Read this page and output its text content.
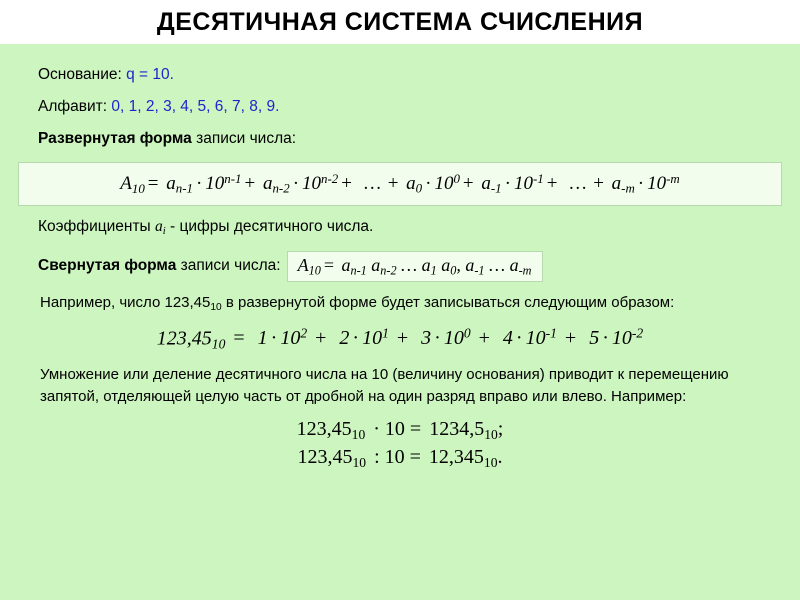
ДЕСЯТИЧНАЯ СИСТЕМА СЧИСЛЕНИЯ
Основание: q = 10.
Алфавит: 0, 1, 2, 3, 4, 5, 6, 7, 8, 9.
Развернутая форма записи числа:
$A_{10} = a_{n-1} \cdot 10^{n-1} + a_{n-2} \cdot 10^{n-2}$ + … + $a_0 \cdot 10^0 + a_{-1} \cdot 10^{-1}$ + … + $a_{-m} \cdot 10^{-m}$
Коэффициенты $a_i$ - цифры десятичного числа.
Свернутая форма
записи числа: $A_{10} = a_{n-1}$ $a_{n-2}$ … $a_1$ $a_0$, $a_{-1}$ … $a_{-m}$
Например, число $123,45_{10}$ в развернутой форме будет записываться следующим образом:
$123,45_{10} = 1 \cdot 10^2 + 2 \cdot 10^1 + 3 \cdot 10^0 + 4 \cdot 10^{-1} + 5 \cdot 10^{-2}$
Умножение или деление десятичного числа на 10 (величину основания) приводит к перемещению запятой, отделяющей целую часть от дробной на один разряд вправо или влево. Например:
$123,45_{10} \cdot 10 = 1234,5_{10}$;
$123,45_{10}$ : $10 = 12,345_{10}$.
